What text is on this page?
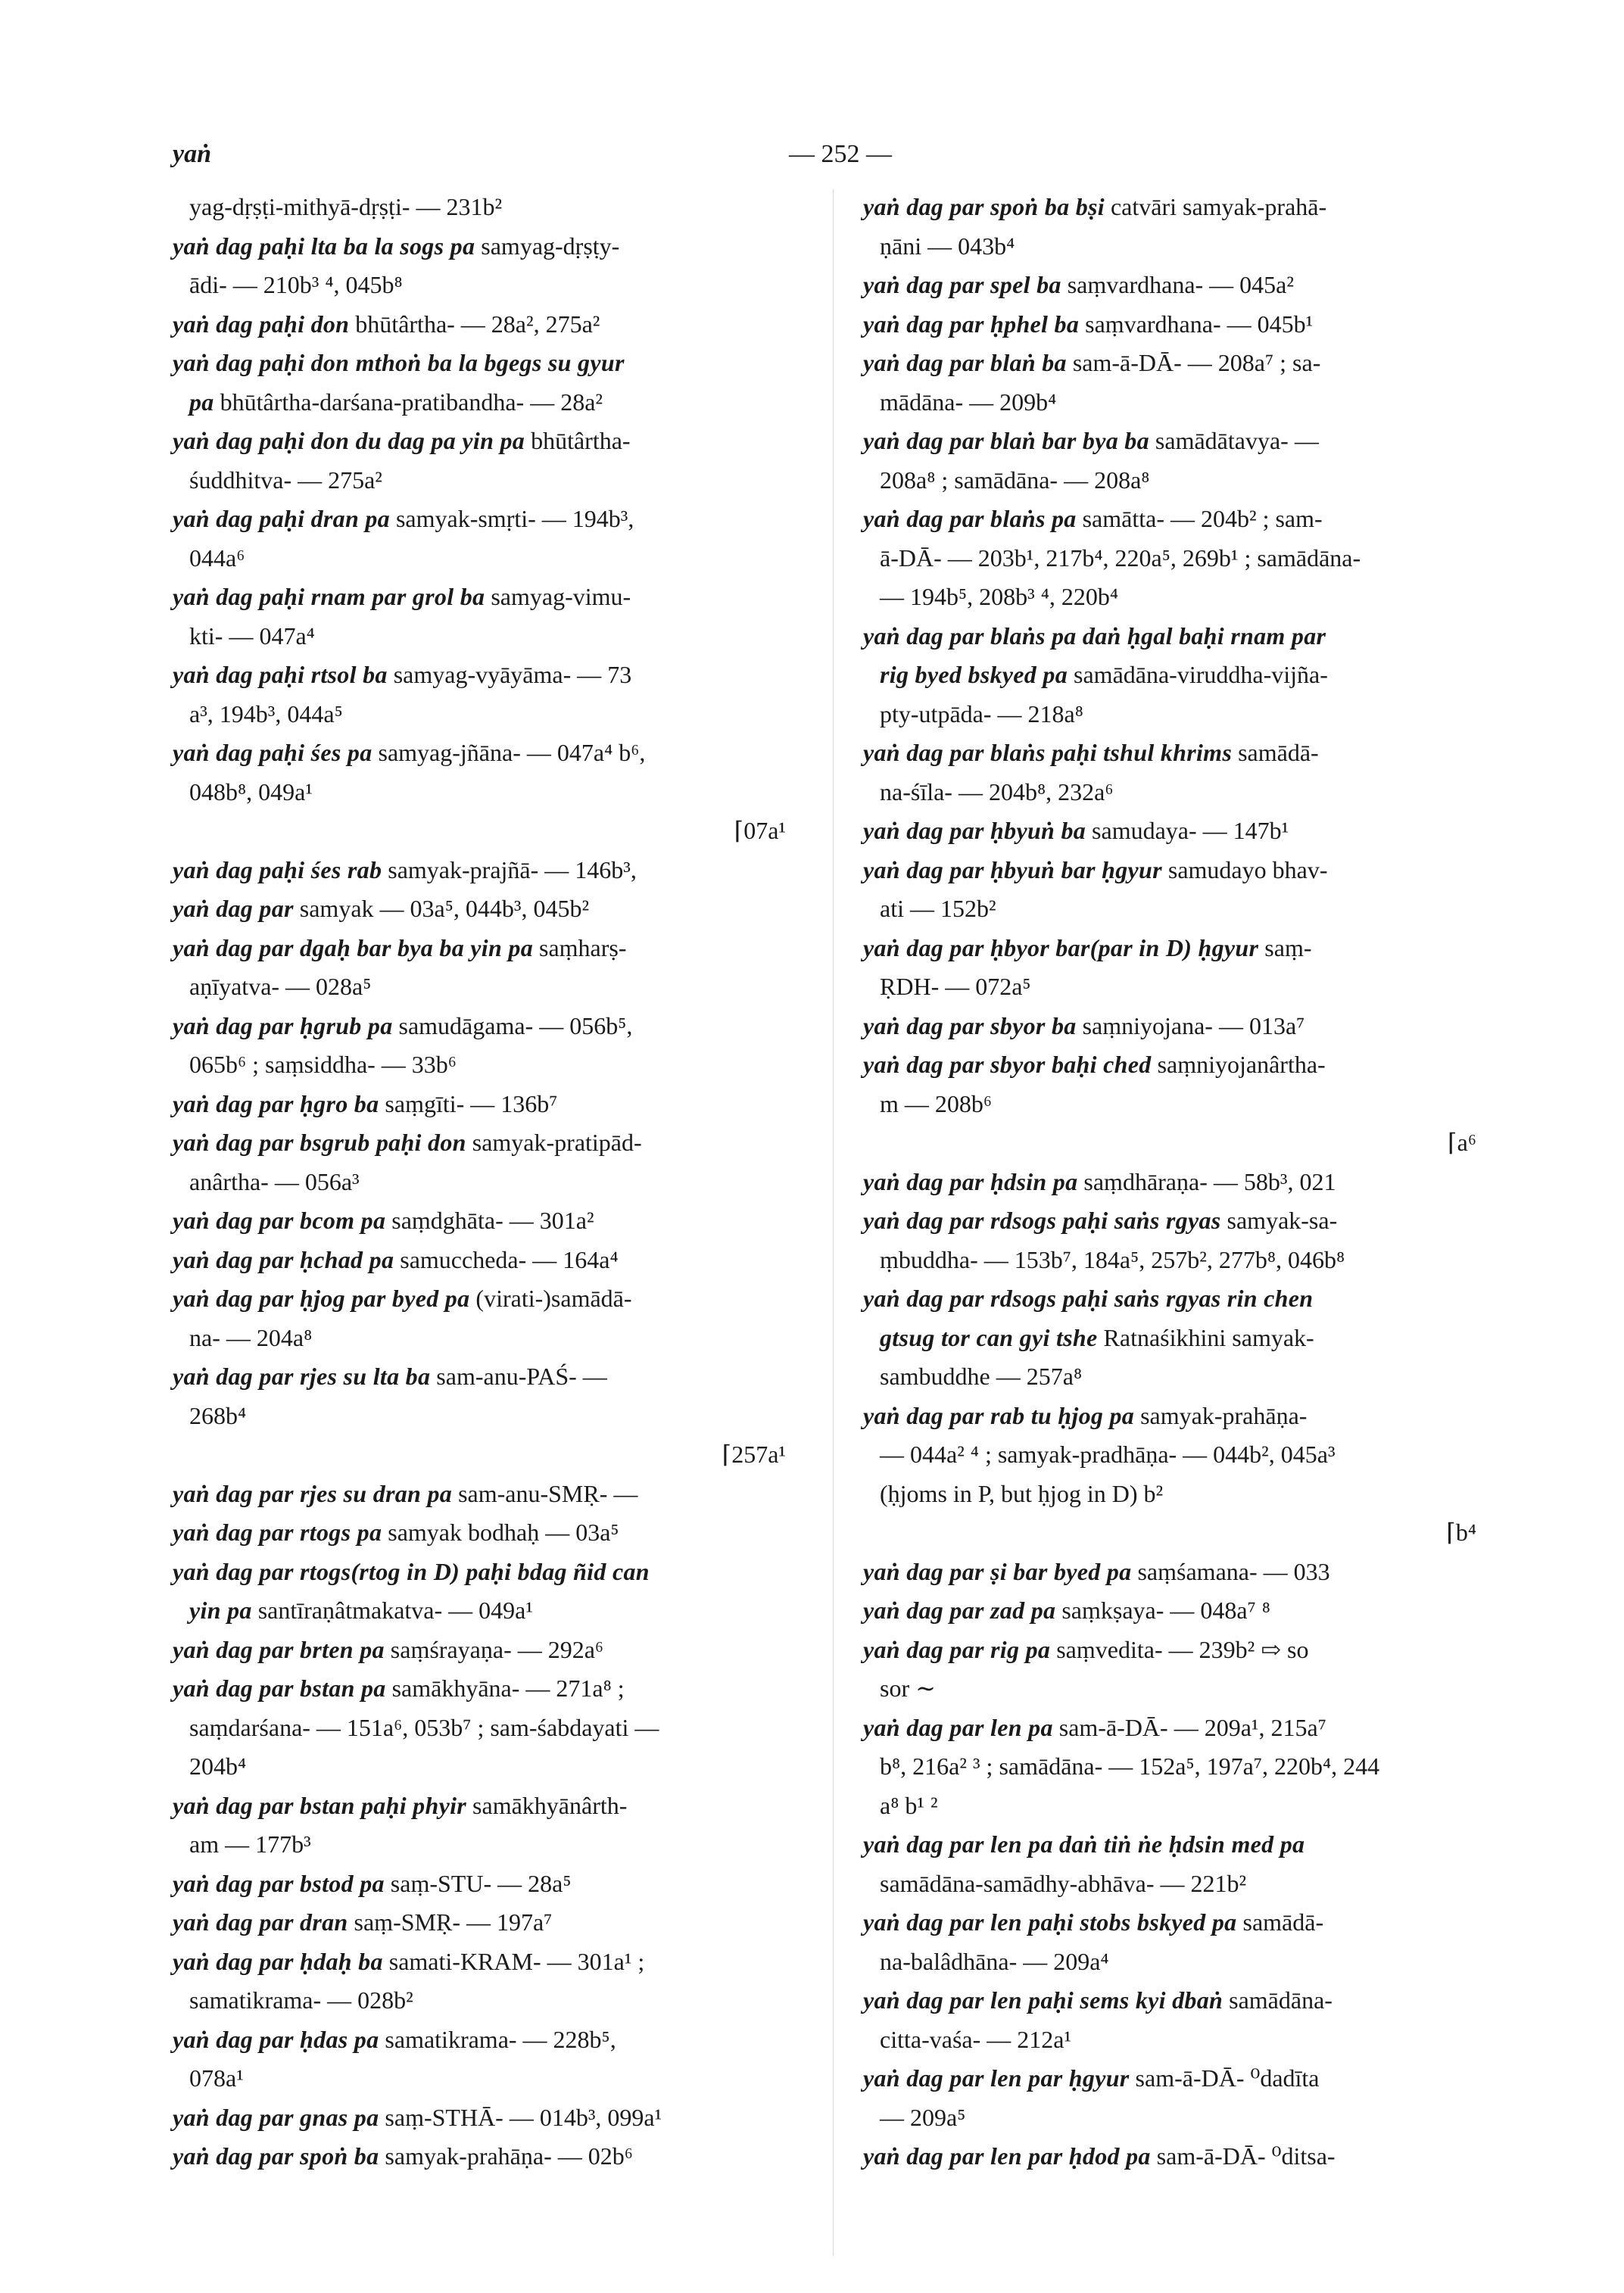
yaṅ	— 252 —
yag-dṛṣṭi-mithyā-dṛṣṭi- — 231b²
yaṅ dag paḥi lta ba la sogs pa samyag-dṛṣṭy-
ādi- — 210b³ ⁴, 045b⁸
yaṅ dag paḥi don bhūtârtha- — 28a², 275a²
yaṅ dag paḥi don mthoṅ ba la bgegs su gyur
pa bhūtârtha-darśana-pratibandha- — 28a²
yaṅ dag paḥi don du dag pa yin pa bhūtârtha-
śuddhitva- — 275a²
yaṅ dag paḥi dran pa samyak-smṛti- — 194b³,
044a⁶
yaṅ dag paḥi rnam par grol ba samyag-vimu-
kti- — 047a⁴
yaṅ dag paḥi rtsol ba samyag-vyāyāma- — 73
a³, 194b³, 044a⁵
yaṅ dag paḥi śes pa samyag-jñāna- — 047a⁴ b⁶,
048b⁸, 049a¹
⌈07a¹
yaṅ dag paḥi śes rab samyak-prajñā- — 146b³,
yaṅ dag par samyak — 03a⁵, 044b³, 045b²
yaṅ dag par dgaḥ bar bya ba yin pa saṃharṣ-
aṇīyatva- — 028a⁵
yaṅ dag par ḥgrub pa samudāgama- — 056b⁵,
065b⁶ ; saṃsiddha- — 33b⁶
yaṅ dag par ḥgro ba saṃgīti- — 136b⁷
yaṅ dag par bsgrub paḥi don samyak-pratipād-
anârtha- — 056a³
yaṅ dag par bcom pa saṃdghāta- — 301a²
yaṅ dag par ḥchad pa samuccheda- — 164a⁴
yaṅ dag par ḥjog par byed pa (virati-)samādā-
na- — 204a⁸
yaṅ dag par rjes su lta ba sam-anu-PAŚ- —
268b⁴
⌈257a¹
yaṅ dag par rjes su dran pa sam-anu-SMṚ- —
yaṅ dag par rtogs pa samyak bodhaḥ — 03a⁵
yaṅ dag par rtogs(rtog in D) paḥi bdag ñid can
yin pa santīraṇâtmakatva- — 049a¹
yaṅ dag par brten pa saṃśrayaṇa- — 292a⁶
yaṅ dag par bstan pa samākhyāna- — 271a⁸ ;
saṃdarśana- — 151a⁶, 053b⁷ ; sam-śabdayati —
204b⁴
yaṅ dag par bstan paḥi phyir samākhyānârth-
am — 177b³
yaṅ dag par bstod pa saṃ-STU- — 28a⁵
yaṅ dag par dran saṃ-SMṚ- — 197a⁷
yaṅ dag par ḥdaḥ ba samati-KRAM- — 301a¹ ;
samatikrama- — 028b²
yaṅ dag par ḥdas pa samatikrama- — 228b⁵,
078a¹
yaṅ dag par gnas pa saṃ-STHĀ- — 014b³, 099a¹
yaṅ dag par spoṅ ba samyak-prahāṇa- — 02b⁶
yaṅ dag par spoṅ ba bṣi catvāri samyak-prahā-
ṇāni — 043b⁴
yaṅ dag par spel ba saṃvardhana- — 045a²
yaṅ dag par ḥphel ba saṃvardhana- — 045b¹
yaṅ dag par blaṅ ba sam-ā-DĀ- — 208a⁷ ; sa-
mādāna- — 209b⁴
yaṅ dag par blaṅ bar bya ba samādātavya- —
208a⁸ ; samādāna- — 208a⁸
yaṅ dag par blaṅs pa samātta- — 204b² ; sam-
ā-DĀ- — 203b¹, 217b⁴, 220a⁵, 269b¹ ; samādāna-
— 194b⁵, 208b³ ⁴, 220b⁴
yaṅ dag par blaṅs pa daṅ ḥgal baḥi rnam par
rig byed bskyed pa samādāna-viruddha-vijña-
pty-utpāda- — 218a⁸
yaṅ dag par blaṅs paḥi tshul khrims samādā-
na-śīla- — 204b⁸, 232a⁶
yaṅ dag par ḥbyuṅ ba samudaya- — 147b¹
yaṅ dag par ḥbyuṅ bar ḥgyur samudayo bhav-
ati — 152b²
yaṅ dag par ḥbyor bar(par in D) ḥgyur saṃ-
ṚDH- — 072a⁵
yaṅ dag par sbyor ba saṃniyojana- — 013a⁷
yaṅ dag par sbyor baḥi ched saṃniyojanârtha-
m — 208b⁶
⌈a⁶
yaṅ dag par ḥdsin pa saṃdhāraṇa- — 58b³, 021
yaṅ dag par rdsogs paḥi saṅs rgyas samyak-sa-
ṃbuddha- — 153b⁷, 184a⁵, 257b², 277b⁸, 046b⁸
yaṅ dag par rdsogs paḥi saṅs rgyas rin chen
gtsug tor can gyi tshe Ratnaśikhini samyak-
sambuddhe — 257a⁸
yaṅ dag par rab tu ḥjog pa samyak-prahāṇa-
— 044a² ⁴ ; samyak-pradhāṇa- — 044b², 045a³
(ḥjoms in P, but ḥjog in D) b²
⌈b⁴
yaṅ dag par ṣi bar byed pa saṃśamana- — 033
yaṅ dag par zad pa saṃkṣaya- — 048a⁷ ⁸
yaṅ dag par rig pa saṃvedita- — 239b² ⇨ so
sor ∼
yaṅ dag par len pa sam-ā-DĀ- — 209a¹, 215a⁷
b⁸, 216a² ³ ; samādāna- — 152a⁵, 197a⁷, 220b⁴, 244
a⁸ b¹ ²
yaṅ dag par len pa daṅ tiṅ ṅe ḥdsin med pa
samādāna-samādhy-abhāva- — 221b²
yaṅ dag par len paḥi stobs bskyed pa samādā-
na-balâdhāna- — 209a⁴
yaṅ dag par len paḥi sems kyi dbaṅ samādāna-
citta-vaśa- — 212a¹
yaṅ dag par len par ḥgyur sam-ā-DĀ- ⁰dadīta
— 209a⁵
yaṅ dag par len par ḥdod pa sam-ā-DĀ- ⁰ditsa-
